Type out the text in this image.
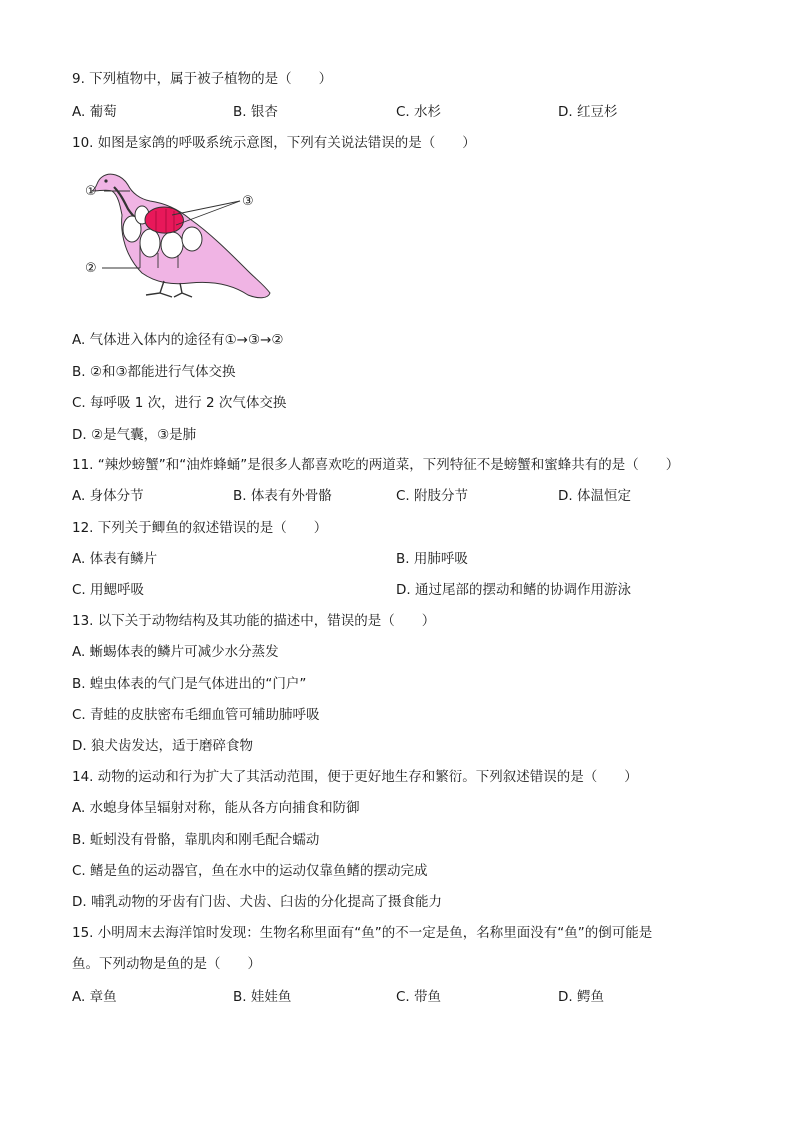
9. 下列植物中，属于被子植物的是（　　）
A. 葡萄	B. 银杏	C. 水杉	D. 红豆杉
10. 如图是家鸽的呼吸系统示意图，下列有关说法错误的是（　　）
①
②
③
A. 气体进入体内的途径有①→③→②
B. ②和③都能进行气体交换
C. 每呼吸 1 次，进行 2 次气体交换
D. ②是气囊，③是肺
11. “辣炒螃蟹”和“油炸蜂蛹”是很多人都喜欢吃的两道菜，下列特征不是螃蟹和蜜蜂共有的是（　　）
A. 身体分节	B. 体表有外骨骼	C. 附肢分节	D. 体温恒定
12. 下列关于鲫鱼的叙述错误的是（　　）
A. 体表有鳞片	B. 用肺呼吸
C. 用鳃呼吸	D. 通过尾部的摆动和鳍的协调作用游泳
13. 以下关于动物结构及其功能的描述中，错误的是（　　）
A. 蜥蜴体表的鳞片可减少水分蒸发
B. 蝗虫体表的气门是气体进出的“门户”
C. 青蛙的皮肤密布毛细血管可辅助肺呼吸
D. 狼犬齿发达，适于磨碎食物
14. 动物的运动和行为扩大了其活动范围，便于更好地生存和繁衍。下列叙述错误的是（　　）
A. 水螅身体呈辐射对称，能从各方向捕食和防御
B. 蚯蚓没有骨骼，靠肌肉和刚毛配合蠕动
C. 鳍是鱼的运动器官，鱼在水中的运动仅靠鱼鳍的摆动完成
D. 哺乳动物的牙齿有门齿、犬齿、臼齿的分化提高了摄食能力
15. 小明周末去海洋馆时发现：生物名称里面有“鱼”的不一定是鱼，名称里面没有“鱼”的倒可能是
鱼。下列动物是鱼的是（　　）
A. 章鱼	B. 娃娃鱼	C. 带鱼	D. 鳄鱼
